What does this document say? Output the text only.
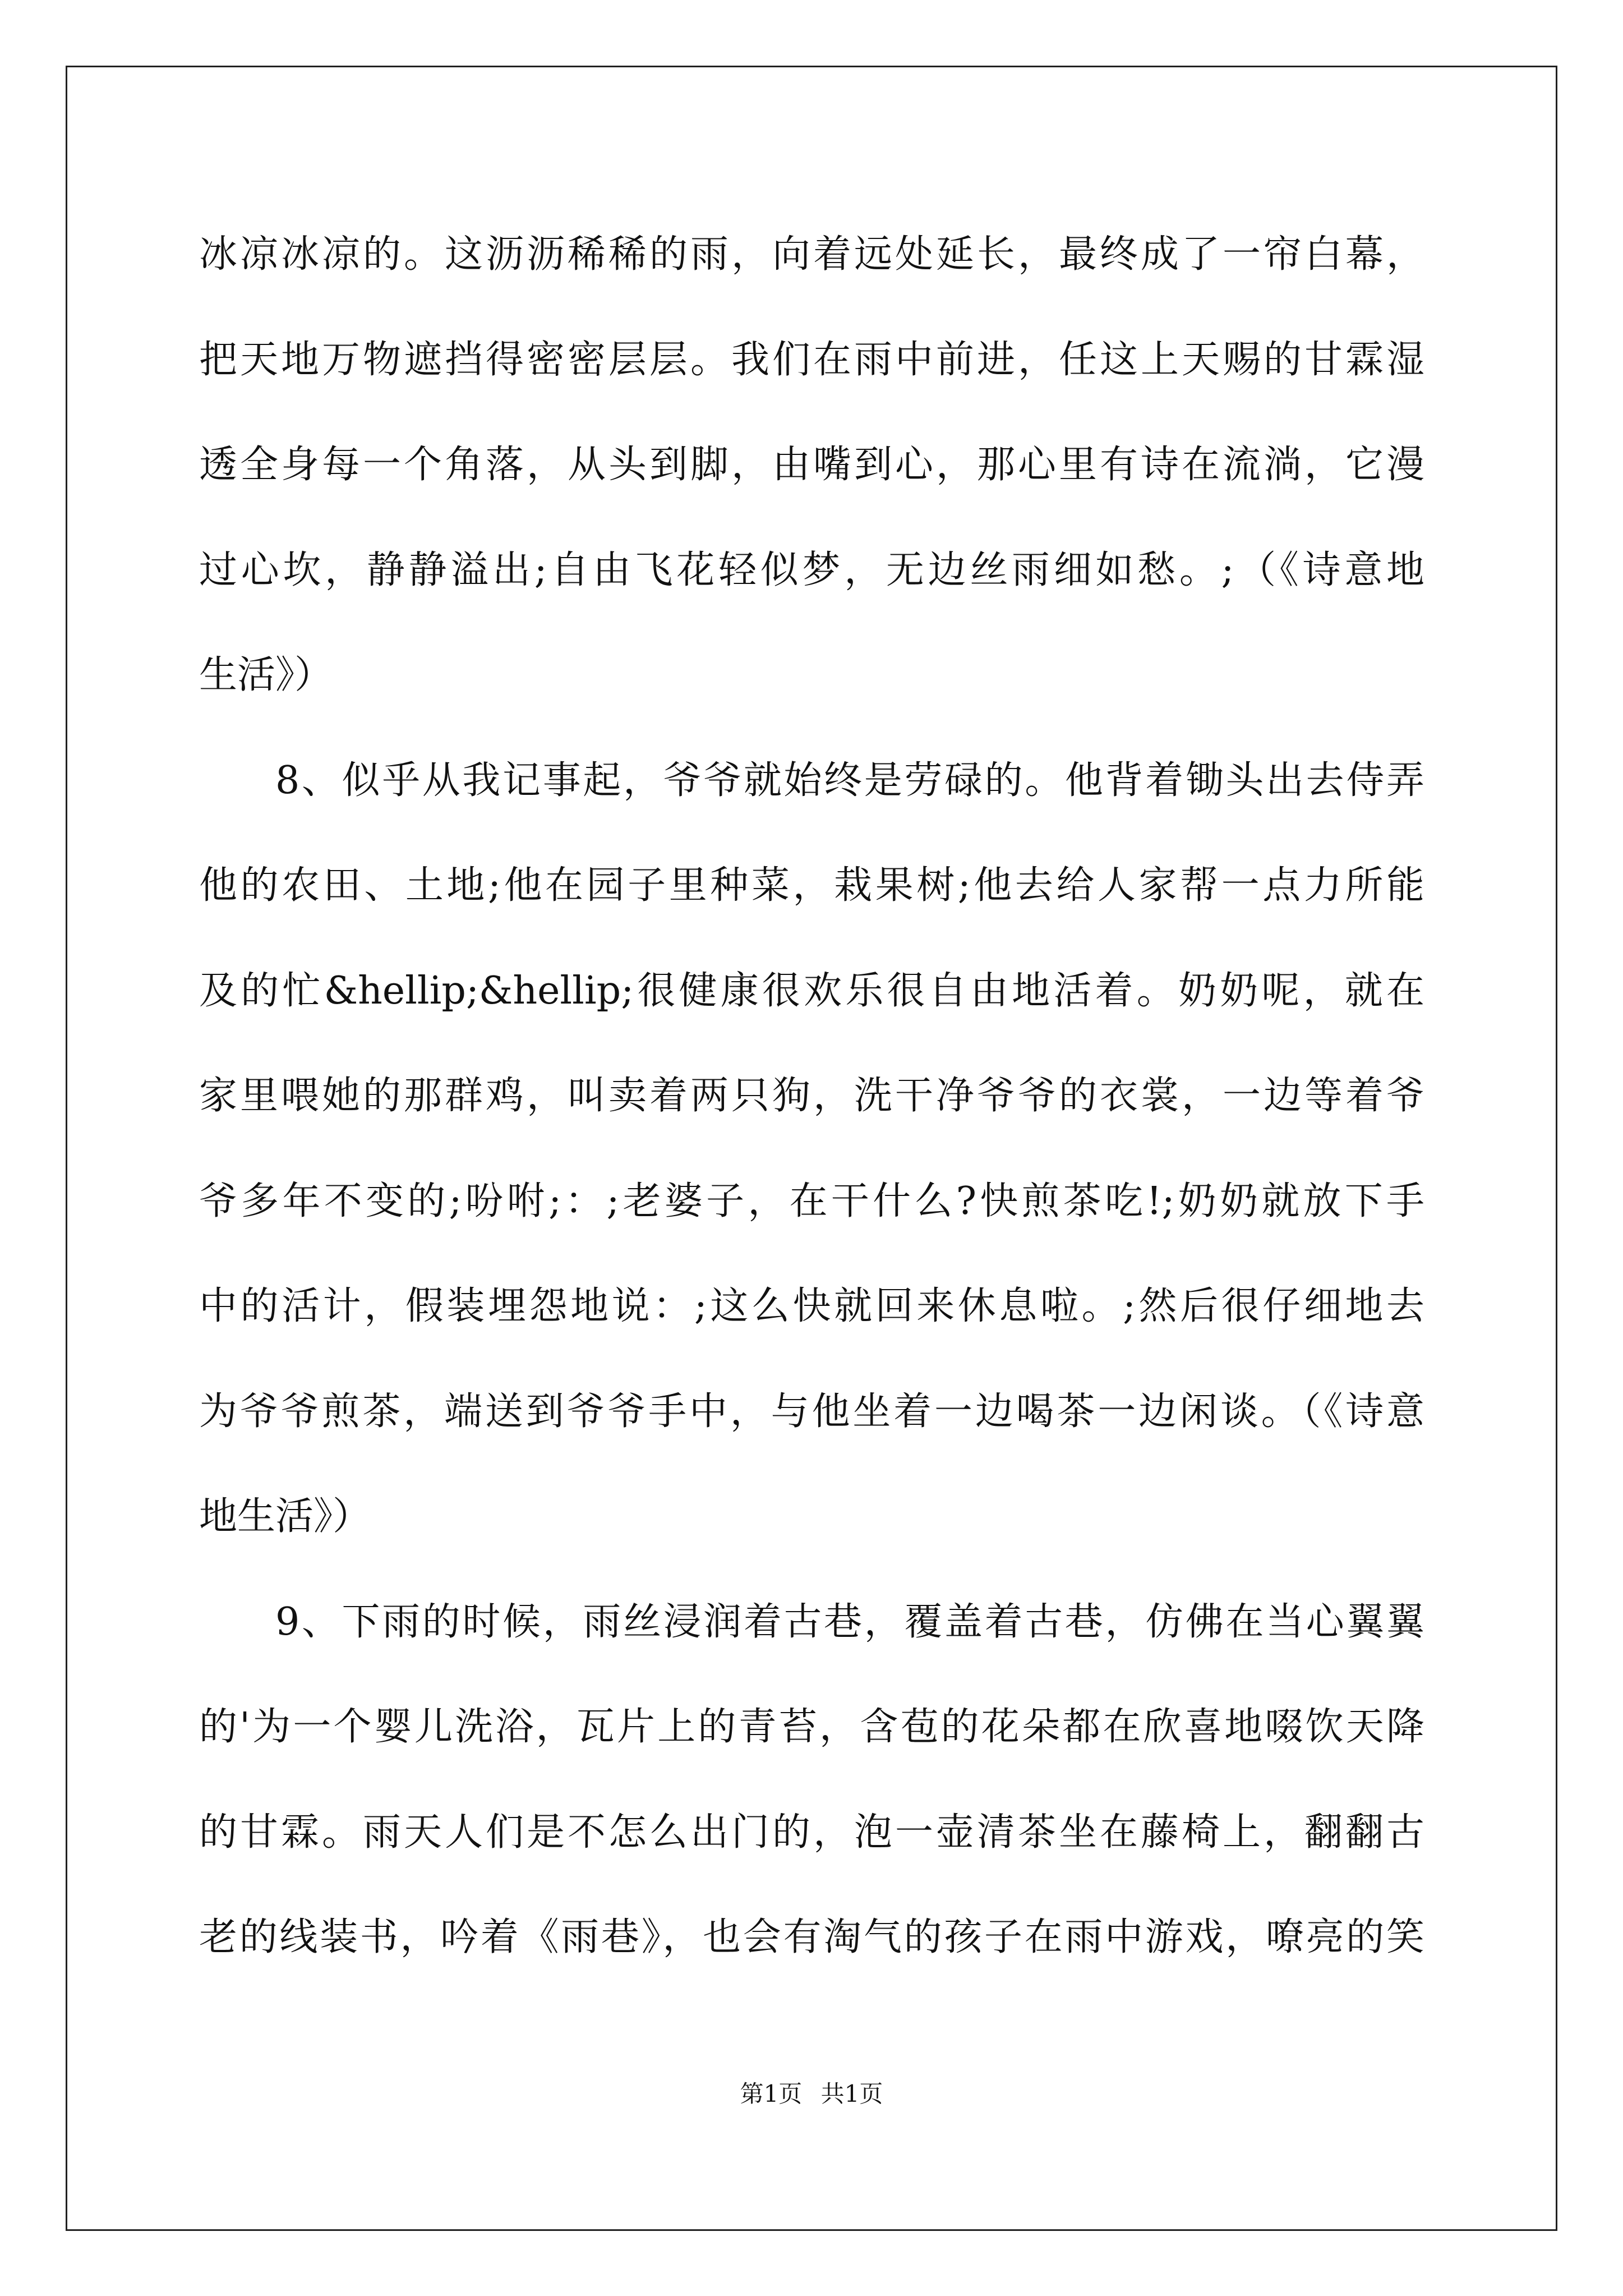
冰凉冰凉的。这沥沥稀稀的雨，向着远处延长，最终成了一帘白幕，
把天地万物遮挡得密密层层。我们在雨中前进，任这上天赐的甘霖湿
透全身每一个角落，从头到脚，由嘴到心，那心里有诗在流淌，它漫
过心坎，静静溢出;自由飞花轻似梦，无边丝雨细如愁。;（《诗意地
生活》）
8、似乎从我记事起，爷爷就始终是劳碌的。他背着锄头出去侍弄
他的农田、土地;他在园子里种菜，栽果树;他去给人家帮一点力所能
及的忙&hellip;&hellip;很健康很欢乐很自由地活着。奶奶呢，就在
家里喂她的那群鸡，叫卖着两只狗，洗干净爷爷的衣裳，一边等着爷
爷多年不变的;吩咐;：;老婆子，在干什么?快煎茶吃!;奶奶就放下手
中的活计，假装埋怨地说：;这么快就回来休息啦。;然后很仔细地去
为爷爷煎茶，端送到爷爷手中，与他坐着一边喝茶一边闲谈。（《诗意
地生活》）
9、下雨的时候，雨丝浸润着古巷，覆盖着古巷，仿佛在当心翼翼
的'为一个婴儿洗浴，瓦片上的青苔，含苞的花朵都在欣喜地啜饮天降
的甘霖。雨天人们是不怎么出门的，泡一壶清茶坐在藤椅上，翻翻古
老的线装书，吟着《雨巷》，也会有淘气的孩子在雨中游戏，嘹亮的笑
第1页 共1页
